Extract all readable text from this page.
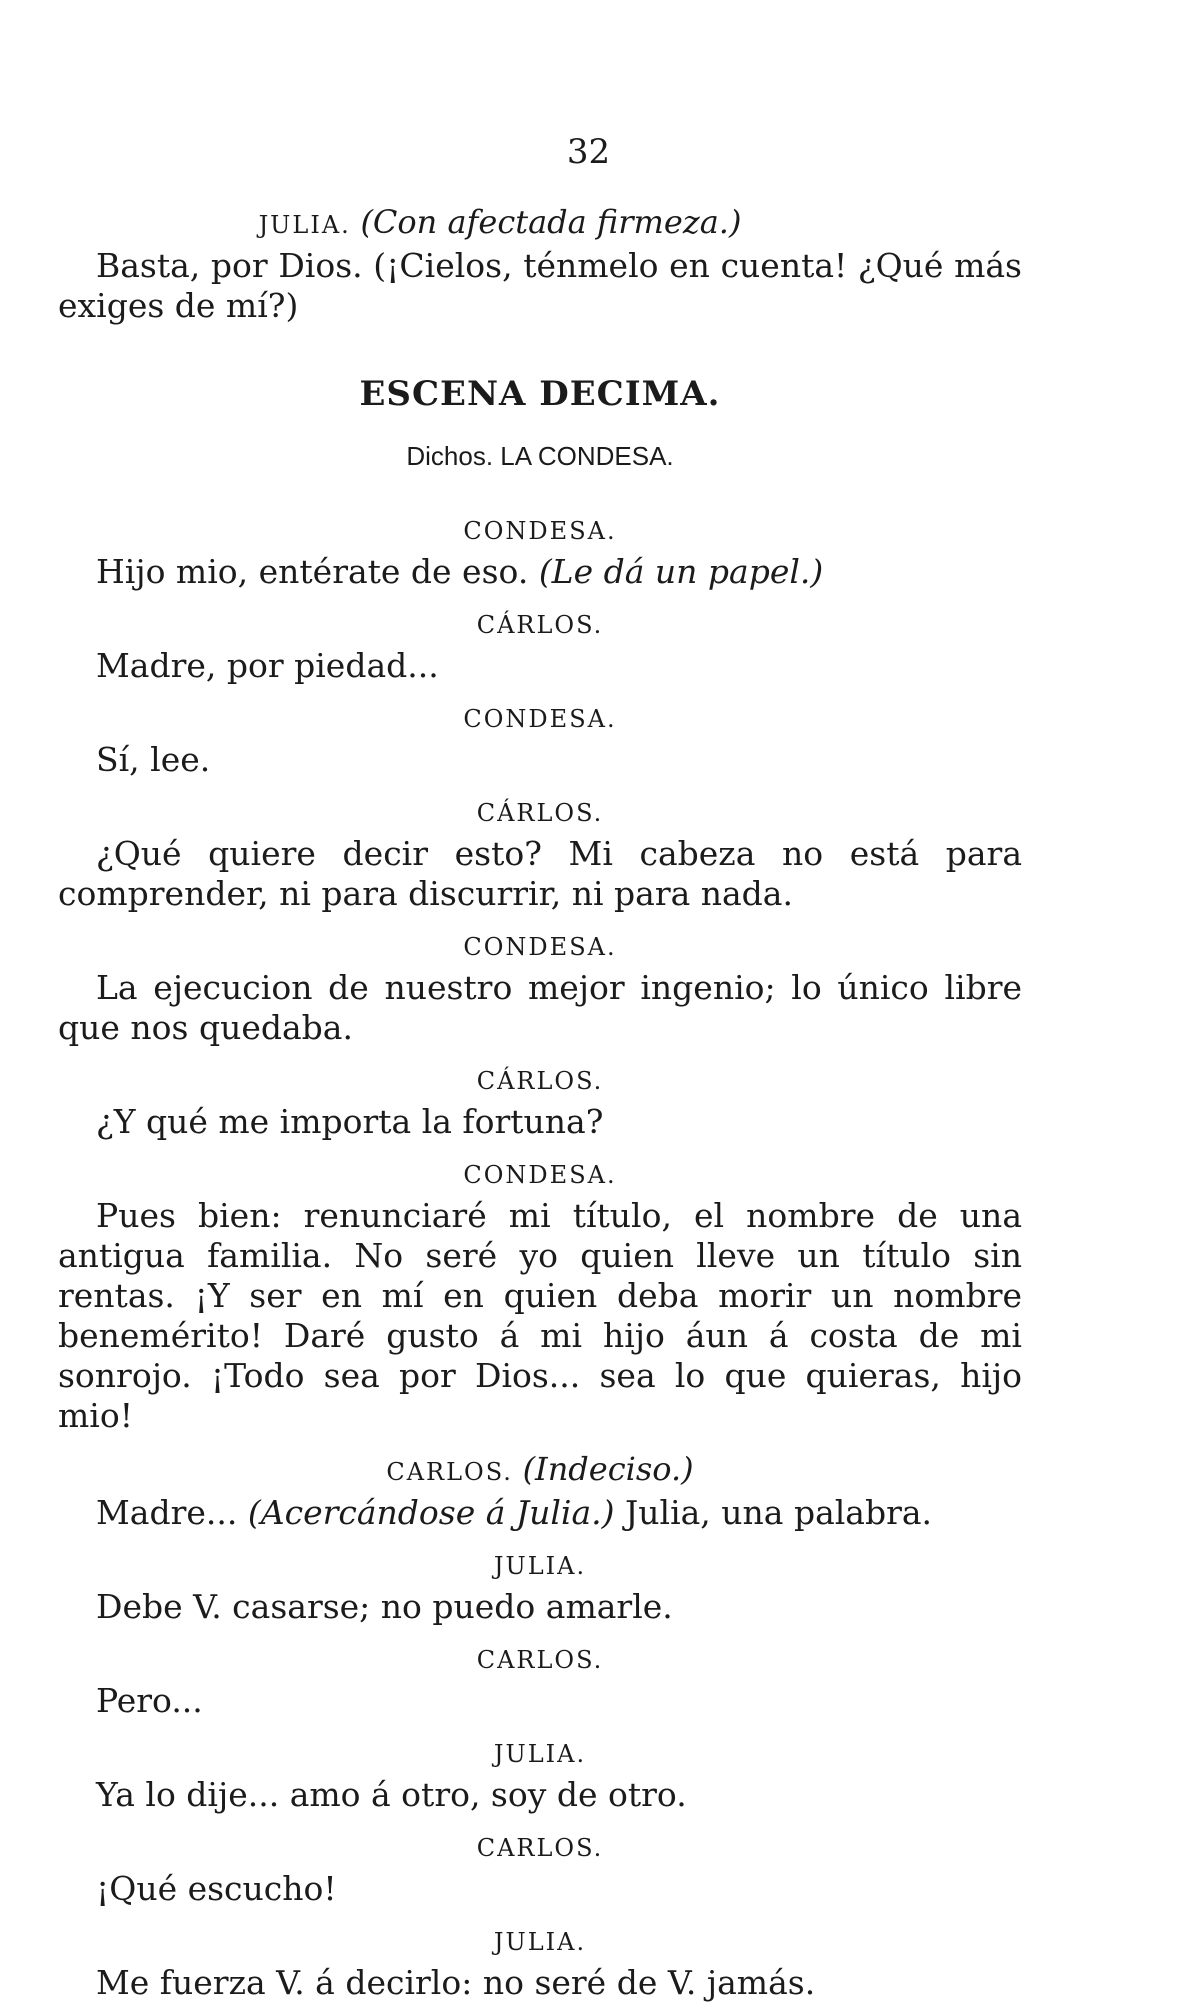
32
JULIA. (Con afectada firmeza.)

Basta, por Dios. (¡Cielos, ténmelo en cuenta! ¿Qué más exiges de mí?)

ESCENA DECIMA.
Dichos. LA CONDESA.
CONDESA.

Hijo mio, entérate de eso. (Le dá un papel.)

CÁRLOS.

Madre, por piedad...

CONDESA.

Sí, lee.

CÁRLOS.

¿Qué quiere decir esto? Mi cabeza no está para comprender, ni para discurrir, ni para nada.

CONDESA.

La ejecucion de nuestro mejor ingenio; lo único libre que nos quedaba.

CÁRLOS.

¿Y qué me importa la fortuna?

CONDESA.

Pues bien: renunciaré mi título, el nombre de una antigua familia. No seré yo quien lleve un título sin rentas. ¡Y ser en mí en quien deba morir un nombre benemérito! Daré gusto á mi hijo áun á costa de mi sonrojo. ¡Todo sea por Dios... sea lo que quieras, hijo mio!

CARLOS. (Indeciso.)

Madre... (Acercándose á Julia.) Julia, una palabra.

JULIA.

Debe V. casarse; no puedo amarle.

CARLOS.

Pero...

JULIA.

Ya lo dije... amo á otro, soy de otro.

CARLOS.

¡Qué escucho!

JULIA.

Me fuerza V. á decirlo: no seré de V. jamás.
